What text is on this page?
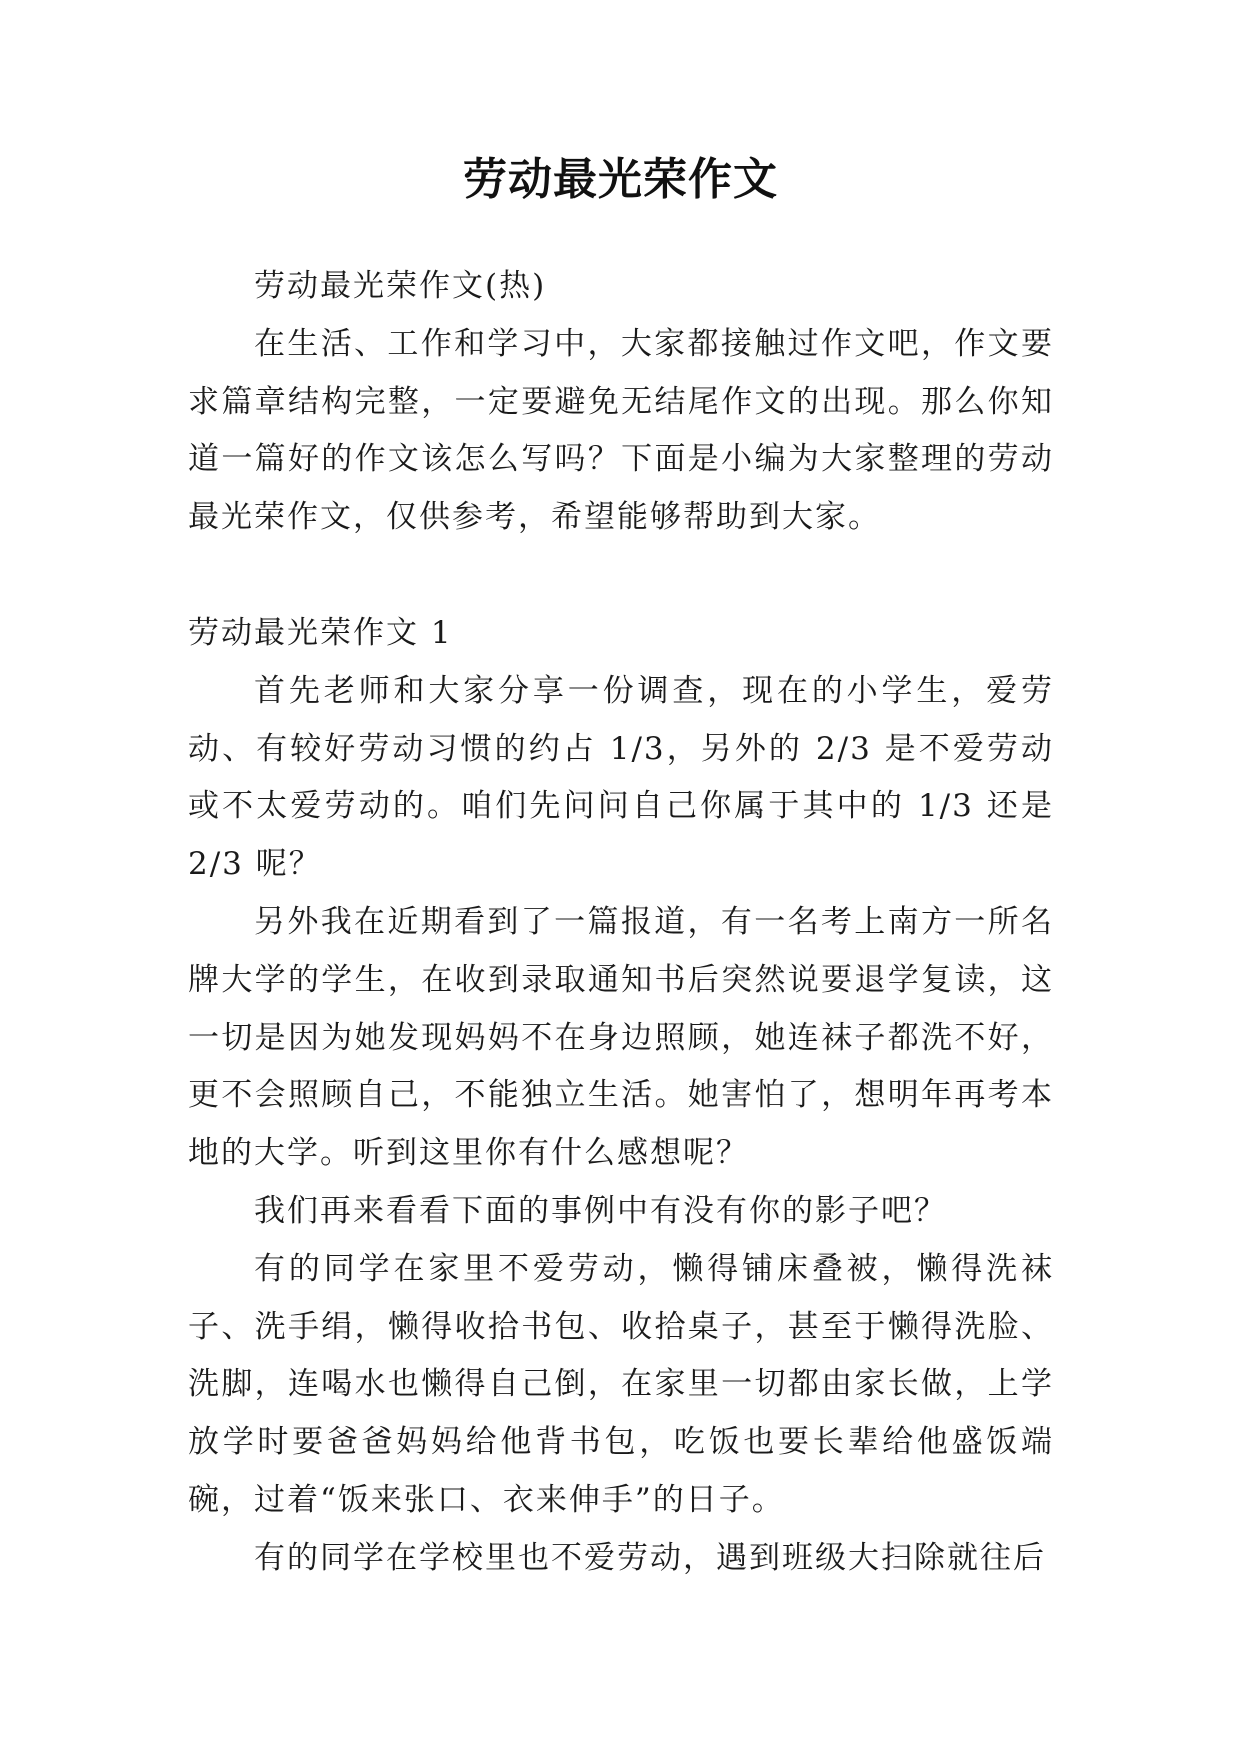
劳动最光荣作文

劳动最光荣作文(热)

在生活、工作和学习中，大家都接触过作文吧，作文要求篇章结构完整，一定要避免无结尾作文的出现。那么你知道一篇好的作文该怎么写吗？下面是小编为大家整理的劳动最光荣作文，仅供参考，希望能够帮助到大家。

劳动最光荣作文 1

首先老师和大家分享一份调查，现在的小学生，爱劳动、有较好劳动习惯的约占 1/3，另外的 2/3 是不爱劳动或不太爱劳动的。咱们先问问自己你属于其中的 1/3 还是 2/3 呢？

另外我在近期看到了一篇报道，有一名考上南方一所名牌大学的学生，在收到录取通知书后突然说要退学复读，这一切是因为她发现妈妈不在身边照顾，她连袜子都洗不好，更不会照顾自己，不能独立生活。她害怕了，想明年再考本地的大学。听到这里你有什么感想呢？

我们再来看看下面的事例中有没有你的影子吧？

有的同学在家里不爱劳动，懒得铺床叠被，懒得洗袜子、洗手绢，懒得收拾书包、收拾桌子，甚至于懒得洗脸、洗脚，连喝水也懒得自己倒，在家里一切都由家长做，上学放学时要爸爸妈妈给他背书包，吃饭也要长辈给他盛饭端碗，过着“饭来张口、衣来伸手”的日子。

有的同学在学校里也不爱劳动，遇到班级大扫除就往后
